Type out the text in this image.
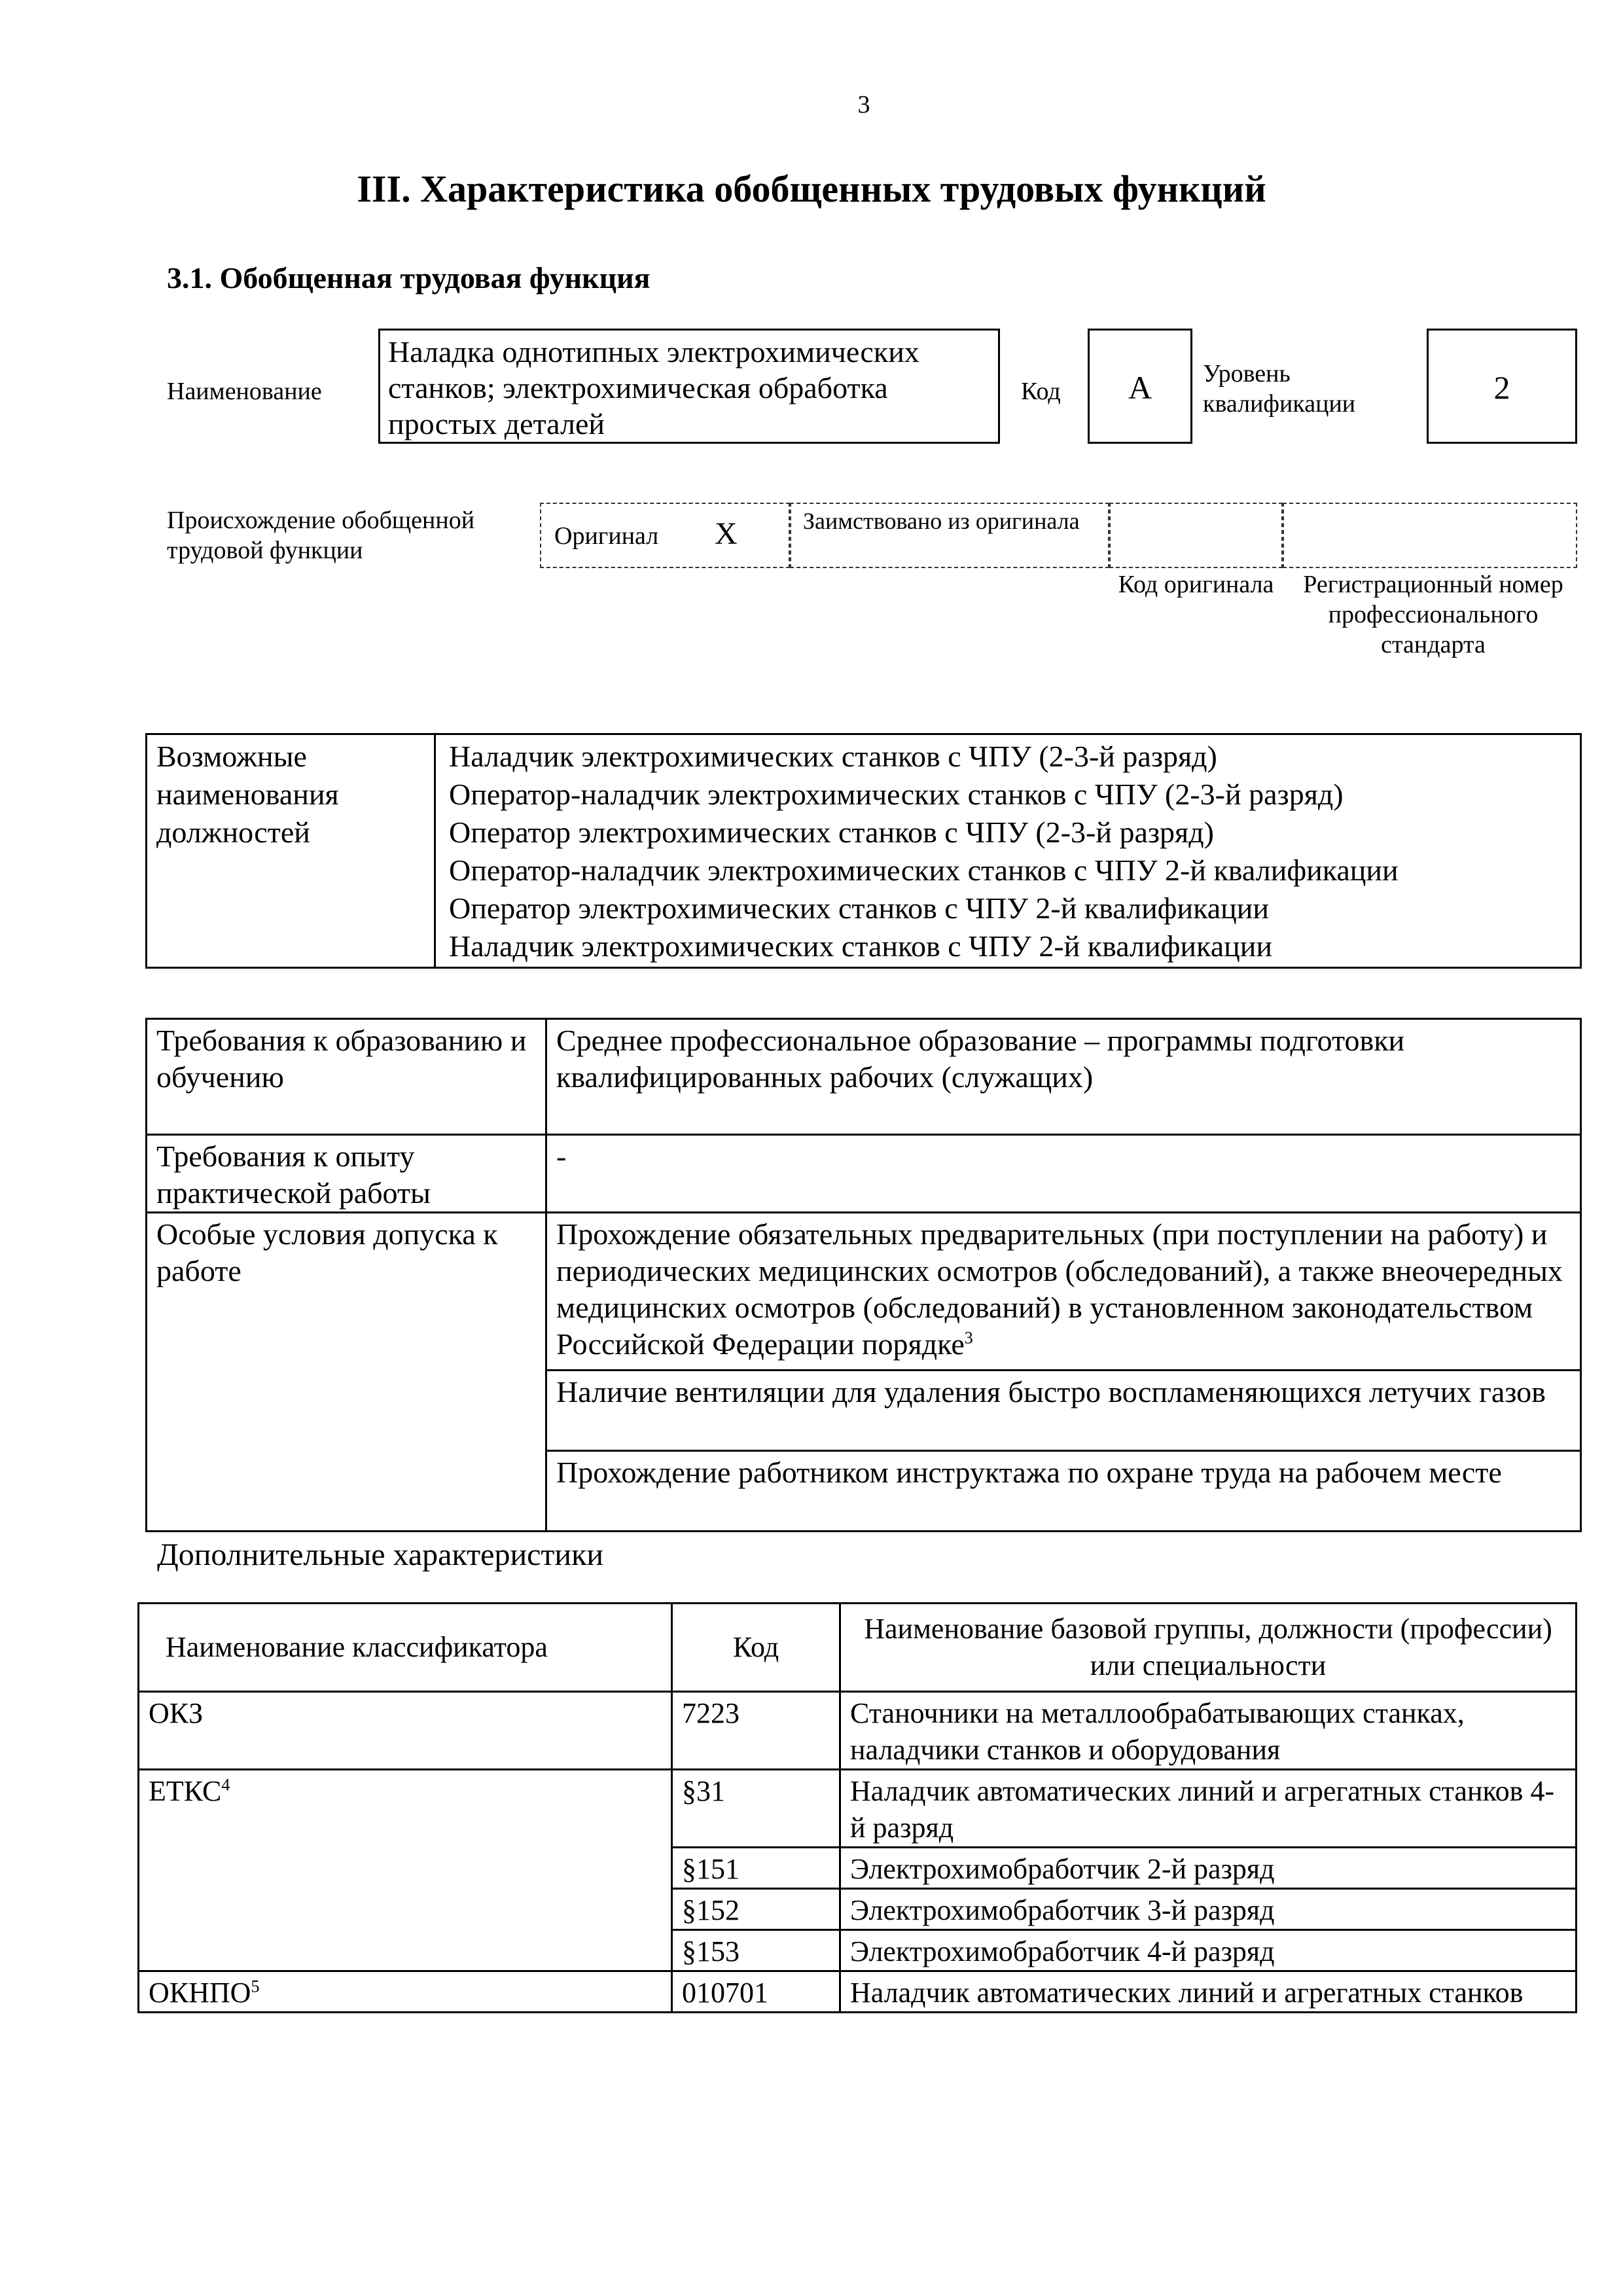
3
III. Характеристика обобщенных трудовых функций
3.1. Обобщенная трудовая функция
Наименование
Наладка однотипных электрохимических станков; электрохимическая обработка простых деталей
Код	А	Уровень квалификации	2
Происхождение обобщенной трудовой функции
Оригинал X	Заимствовано из оригинала
Код оригинала	Регистрационный номер профессионального стандарта
Возможные наименования должностей	
Наладчик электрохимических станков с ЧПУ (2-3-й разряд)
Оператор-наладчик электрохимических станков с ЧПУ (2-3-й разряд)
Оператор электрохимических станков с ЧПУ (2-3-й разряд)
Оператор-наладчик электрохимических станков с ЧПУ 2-й квалификации
Оператор электрохимических станков с ЧПУ 2-й квалификации
Наладчик электрохимических станков с ЧПУ 2-й квалификации
Требования к образованию и обучению	Среднее профессиональное образование – программы подготовки квалифицированных рабочих (служащих)
Требования к опыту практической работы	-
Особые условия допуска к работе	Прохождение обязательных предварительных (при поступлении на работу) и периодических медицинских осмотров (обследований), а также внеочередных медицинских осмотров (обследований) в установленном законодательством Российской Федерации порядке$^3$
	Наличие вентиляции для удаления быстро воспламеняющихся летучих газов
	Прохождение работником инструктажа по охране труда на рабочем месте
Дополнительные характеристики
Наименование классификатора	Код	Наименование базовой группы, должности (профессии) или специальности
ОКЗ	7223	Станочники на металлообрабатывающих станках, наладчики станков и оборудования
ЕТКС$^4$	§31	Наладчик автоматических линий и агрегатных станков 4-й разряд
	§151	Электрохимобработчик 2-й разряд
	§152	Электрохимобработчик 3-й разряд
	§153	Электрохимобработчик 4-й разряд
ОКНПО$^5$	010701	Наладчик автоматических линий и агрегатных станков
